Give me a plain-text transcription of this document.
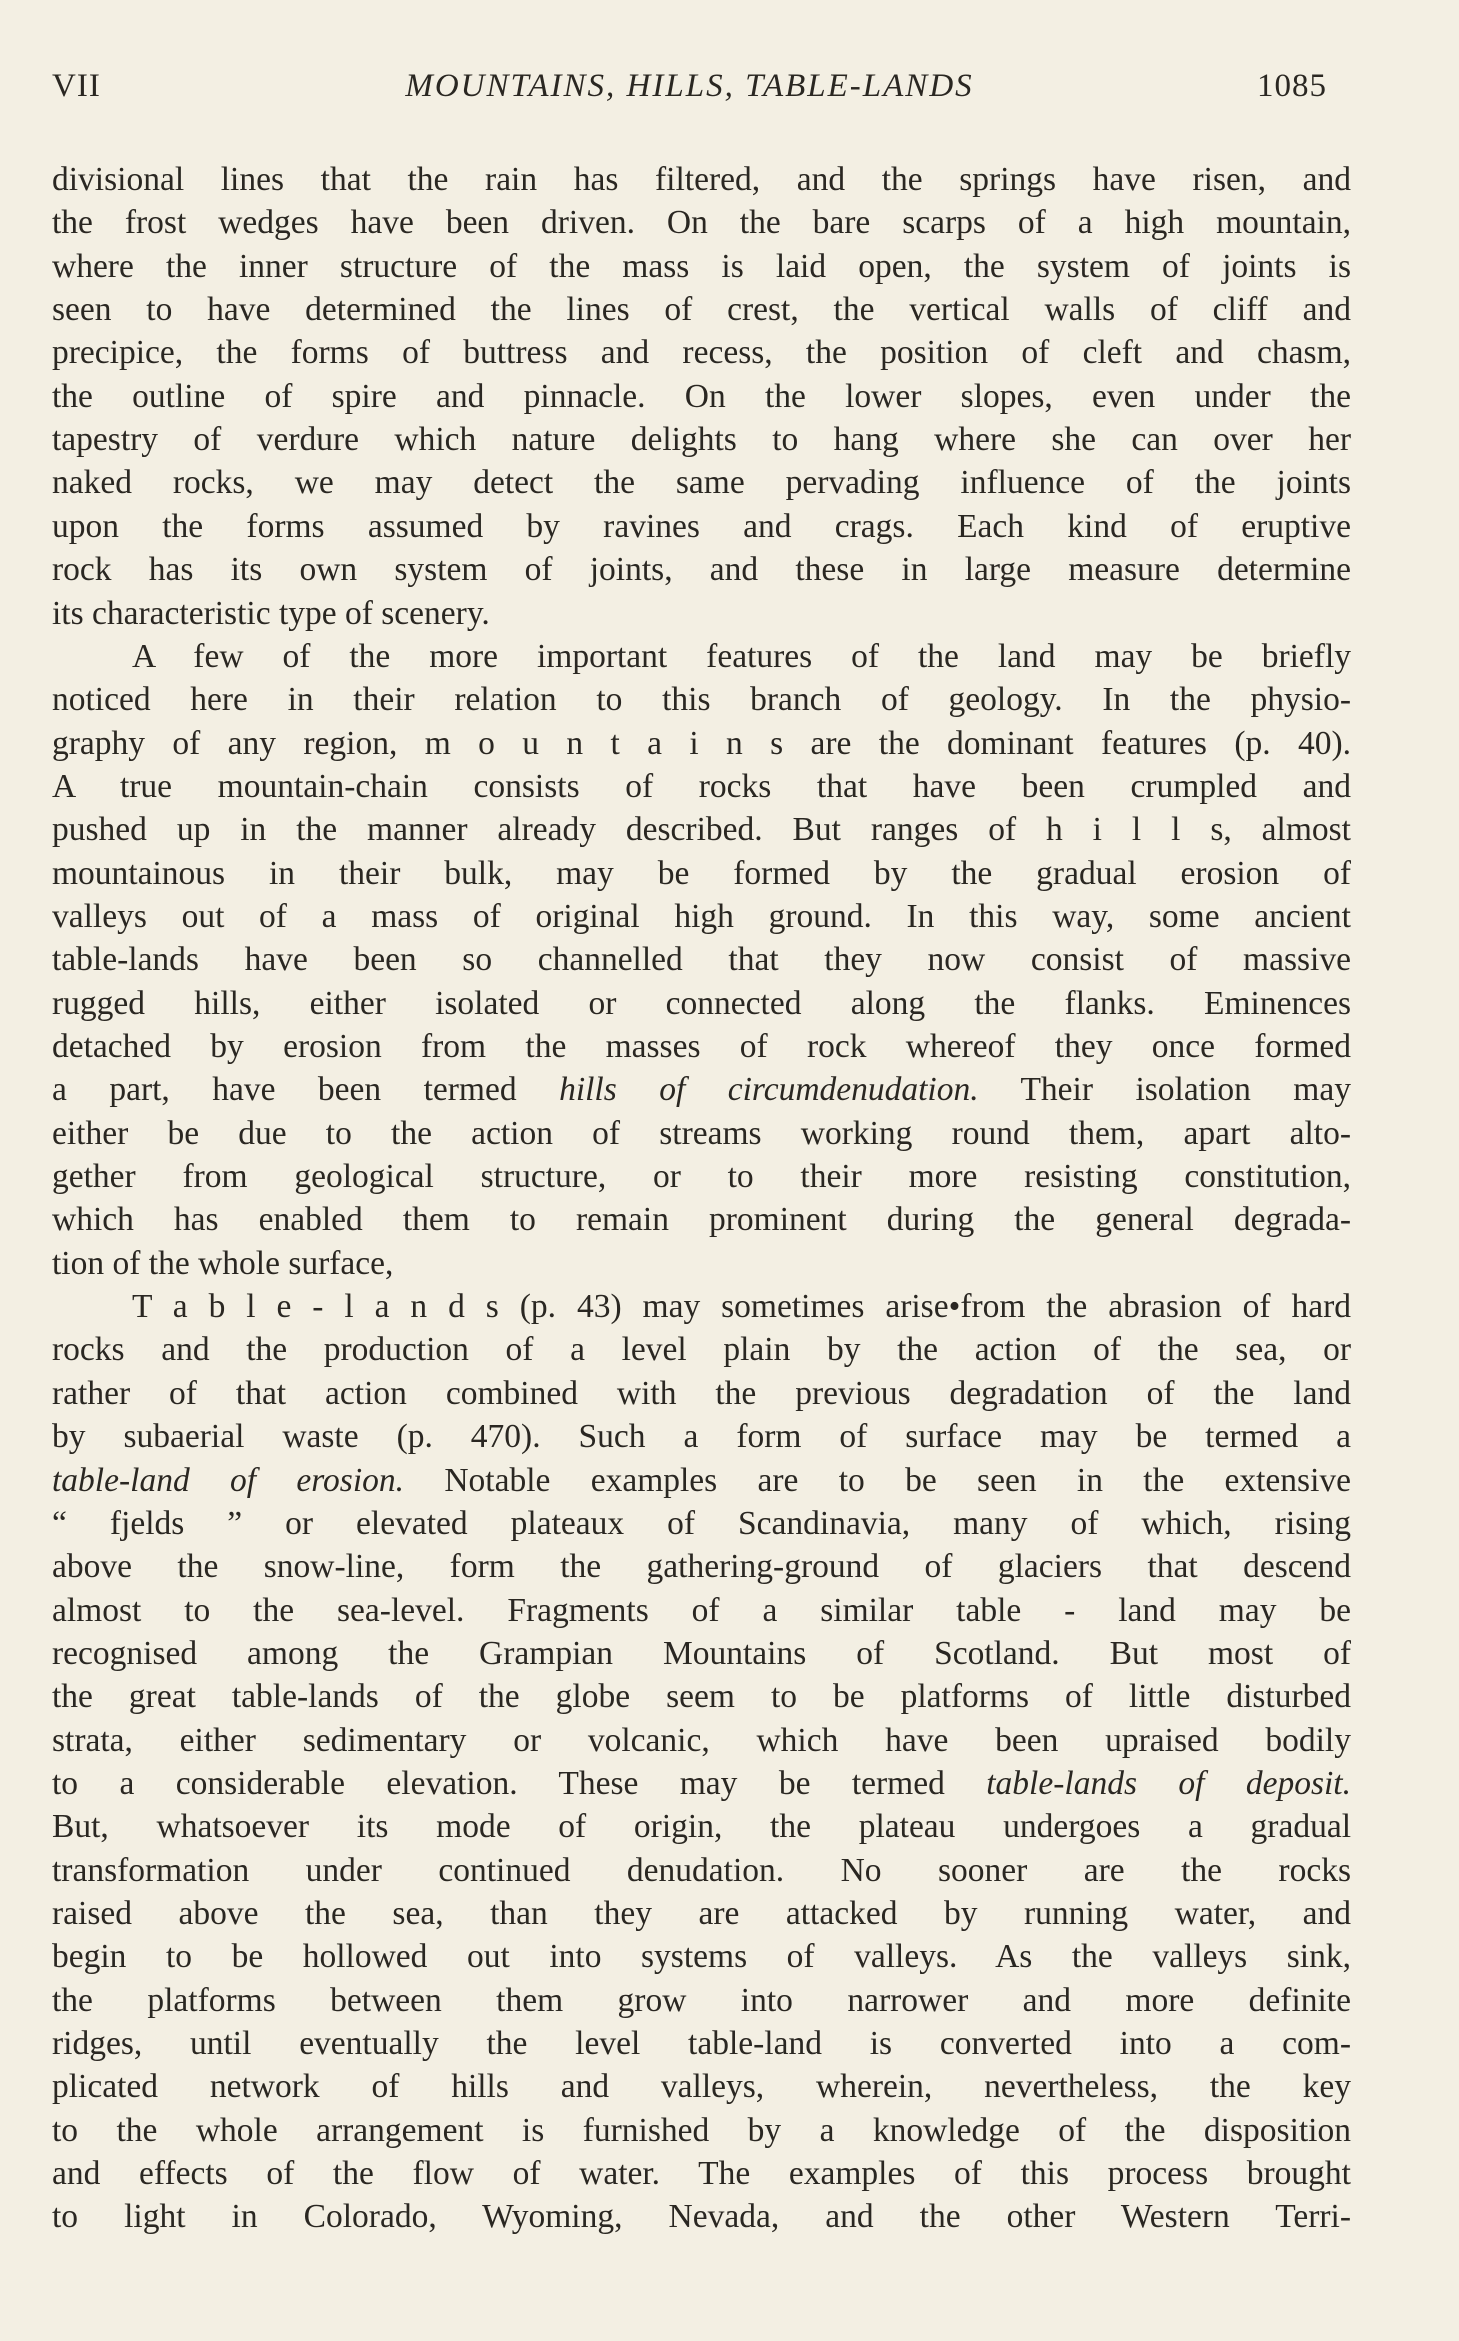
VII	MOUNTAINS, HILLS, TABLE-LANDS	1085
divisional lines that the rain has filtered, and the springs have risen, and
the frost wedges have been driven. On the bare scarps of a high mountain,
where the inner structure of the mass is laid open, the system of joints is
seen to have determined the lines of crest, the vertical walls of cliff and
precipice, the forms of buttress and recess, the position of cleft and chasm,
the outline of spire and pinnacle. On the lower slopes, even under the
tapestry of verdure which nature delights to hang where she can over her
naked rocks, we may detect the same pervading influence of the joints
upon the forms assumed by ravines and crags. Each kind of eruptive
rock has its own system of joints, and these in large measure determine
its characteristic type of scenery.
A few of the more important features of the land may be briefly
noticed here in their relation to this branch of geology. In the physio-
graphy of any region, m o u n t a i n s are the dominant features (p. 40).
A true mountain-chain consists of rocks that have been crumpled and
pushed up in the manner already described. But ranges of h i l l s, almost
mountainous in their bulk, may be formed by the gradual erosion of
valleys out of a mass of original high ground. In this way, some ancient
table-lands have been so channelled that they now consist of massive
rugged hills, either isolated or connected along the flanks. Eminences
detached by erosion from the masses of rock whereof they once formed
a part, have been termed hills of circumdenudation. Their isolation may
either be due to the action of streams working round them, apart alto-
gether from geological structure, or to their more resisting constitution,
which has enabled them to remain prominent during the general degrada-
tion of the whole surface,
T a b l e - l a n d s (p. 43) may sometimes arise•from the abrasion of hard
rocks and the production of a level plain by the action of the sea, or
rather of that action combined with the previous degradation of the land
by subaerial waste (p. 470). Such a form of surface may be termed a
table-land of erosion. Notable examples are to be seen in the extensive
“ fjelds ” or elevated plateaux of Scandinavia, many of which, rising
above the snow-line, form the gathering-ground of glaciers that descend
almost to the sea-level. Fragments of a similar table - land may be
recognised among the Grampian Mountains of Scotland. But most of
the great table-lands of the globe seem to be platforms of little disturbed
strata, either sedimentary or volcanic, which have been upraised bodily
to a considerable elevation. These may be termed table-lands of deposit.
But, whatsoever its mode of origin, the plateau undergoes a gradual
transformation under continued denudation. No sooner are the rocks
raised above the sea, than they are attacked by running water, and
begin to be hollowed out into systems of valleys. As the valleys sink,
the platforms between them grow into narrower and more definite
ridges, until eventually the level table-land is converted into a com-
plicated network of hills and valleys, wherein, nevertheless, the key
to the whole arrangement is furnished by a knowledge of the disposition
and effects of the flow of water. The examples of this process brought
to light in Colorado, Wyoming, Nevada, and the other Western Terri-
